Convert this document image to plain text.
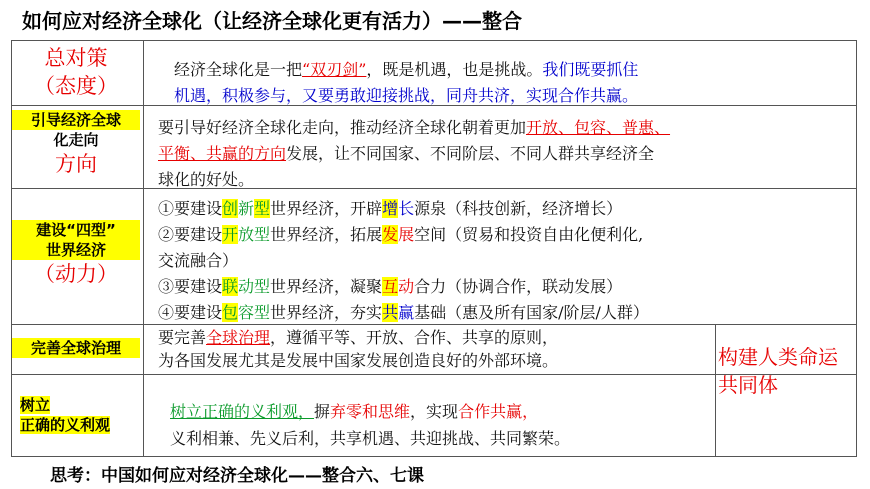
如何应对经济全球化（让经济全球化更有活力）——整合
总对策
（态度）
经济全球化是一把“双刃剑”，既是机遇，也是挑战。我们既要抓住
机遇，积极参与，又要勇敢迎接挑战，同舟共济，实现合作共赢。
引导经济全球
化走向
方向
要引导好经济全球化走向，推动经济全球化朝着更加开放、包容、普惠、
平衡、共赢的方向发展，让不同国家、不同阶层、不同人群共享经济全
球化的好处。
建设“四型”
世界经济
（动力）
①要建设创新型世界经济，开辟增长源泉（科技创新，经济增长）
②要建设开放型世界经济，拓展发展空间（贸易和投资自由化便利化,
交流融合）
③要建设联动型世界经济，凝聚互动合力（协调合作，联动发展）
④要建设包容型世界经济，夯实共赢基础（惠及所有国家/阶层/人群）
完善全球治理
要完善全球治理，遵循平等、开放、合作、共享的原则，
为各国发展尤其是发展中国家发展创造良好的外部环境。
树立
正确的义利观
树立正确的义利观，摒弃零和思维，实现合作共赢，
义利相兼、先义后利，共享机遇、共迎挑战、共同繁荣。
构建人类命运共同体
思考：中国如何应对经济全球化——整合六、七课
